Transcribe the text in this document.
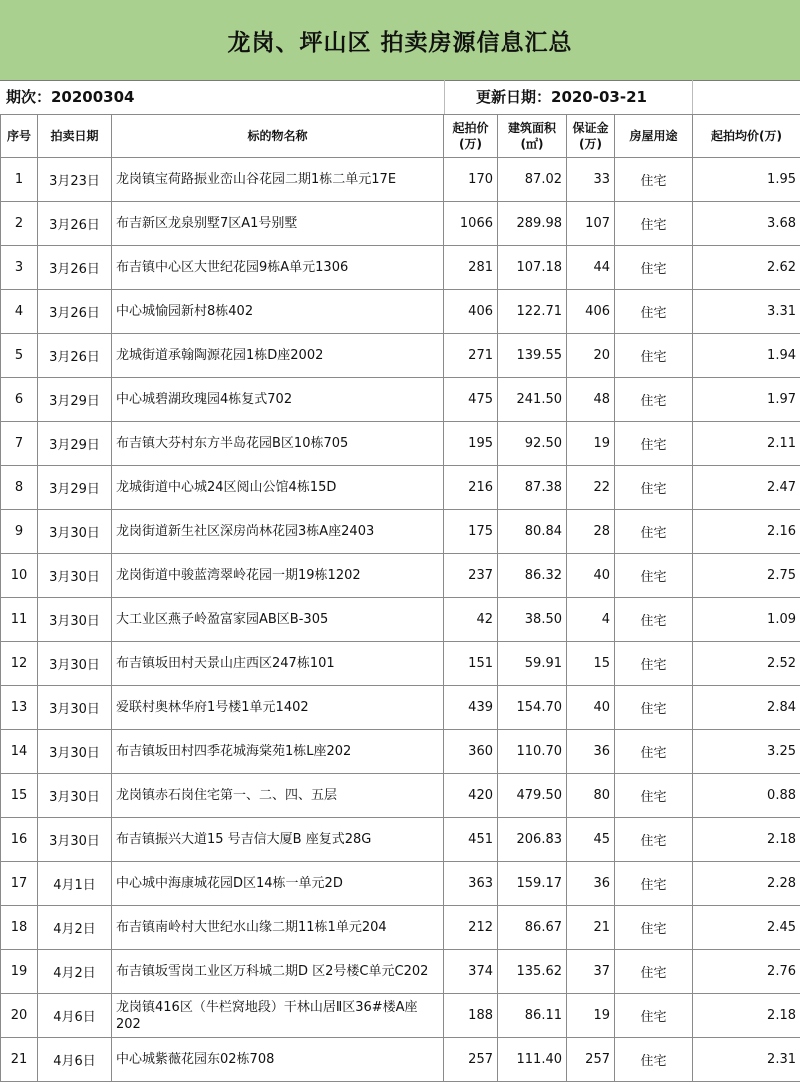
龙岗、坪山区 拍卖房源信息汇总
期次：20200304	更新日期：2020-03-21
序号	拍卖日期	标的物名称	起拍价(万)	建筑面积(㎡)	保证金(万)	房屋用途	起拍均价(万)
1	3月23日	龙岗镇宝荷路振业峦山谷花园二期1栋二单元17E	170	87.02	33	住宅	1.95
2	3月26日	布吉新区龙泉别墅7区A1号别墅	1066	289.98	107	住宅	3.68
3	3月26日	布吉镇中心区大世纪花园9栋A单元1306	281	107.18	44	住宅	2.62
4	3月26日	中心城愉园新村8栋402	406	122.71	406	住宅	3.31
5	3月26日	龙城街道承翰陶源花园1栋D座2002	271	139.55	20	住宅	1.94
6	3月29日	中心城碧湖玫瑰园4栋复式702	475	241.50	48	住宅	1.97
7	3月29日	布吉镇大芬村东方半岛花园B区10栋705	195	92.50	19	住宅	2.11
8	3月29日	龙城街道中心城24区阅山公馆4栋15D	216	87.38	22	住宅	2.47
9	3月30日	龙岗街道新生社区深房尚林花园3栋A座2403	175	80.84	28	住宅	2.16
10	3月30日	龙岗街道中骏蓝湾翠岭花园一期19栋1202	237	86.32	40	住宅	2.75
11	3月30日	大工业区燕子岭盈富家园AB区B-305	42	38.50	4	住宅	1.09
12	3月30日	布吉镇坂田村天景山庄西区247栋101	151	59.91	15	住宅	2.52
13	3月30日	爱联村奥林华府1号楼1单元1402	439	154.70	40	住宅	2.84
14	3月30日	布吉镇坂田村四季花城海棠苑1栋L座202	360	110.70	36	住宅	3.25
15	3月30日	龙岗镇赤石岗住宅第一、二、四、五层	420	479.50	80	住宅	0.88
16	3月30日	布吉镇振兴大道15 号吉信大厦B 座复式28G	451	206.83	45	住宅	2.18
17	4月1日	中心城中海康城花园D区14栋一单元2D	363	159.17	36	住宅	2.28
18	4月2日	布吉镇南岭村大世纪水山缘二期11栋1单元204	212	86.67	21	住宅	2.45
19	4月2日	布吉镇坂雪岗工业区万科城二期D 区2号楼C单元C202	374	135.62	37	住宅	2.76
20	4月6日	龙岗镇416区（牛栏窝地段）干林山居Ⅱ区36#楼A座202	188	86.11	19	住宅	2.18
21	4月6日	中心城紫薇花园东02栋708	257	111.40	257	住宅	2.31
